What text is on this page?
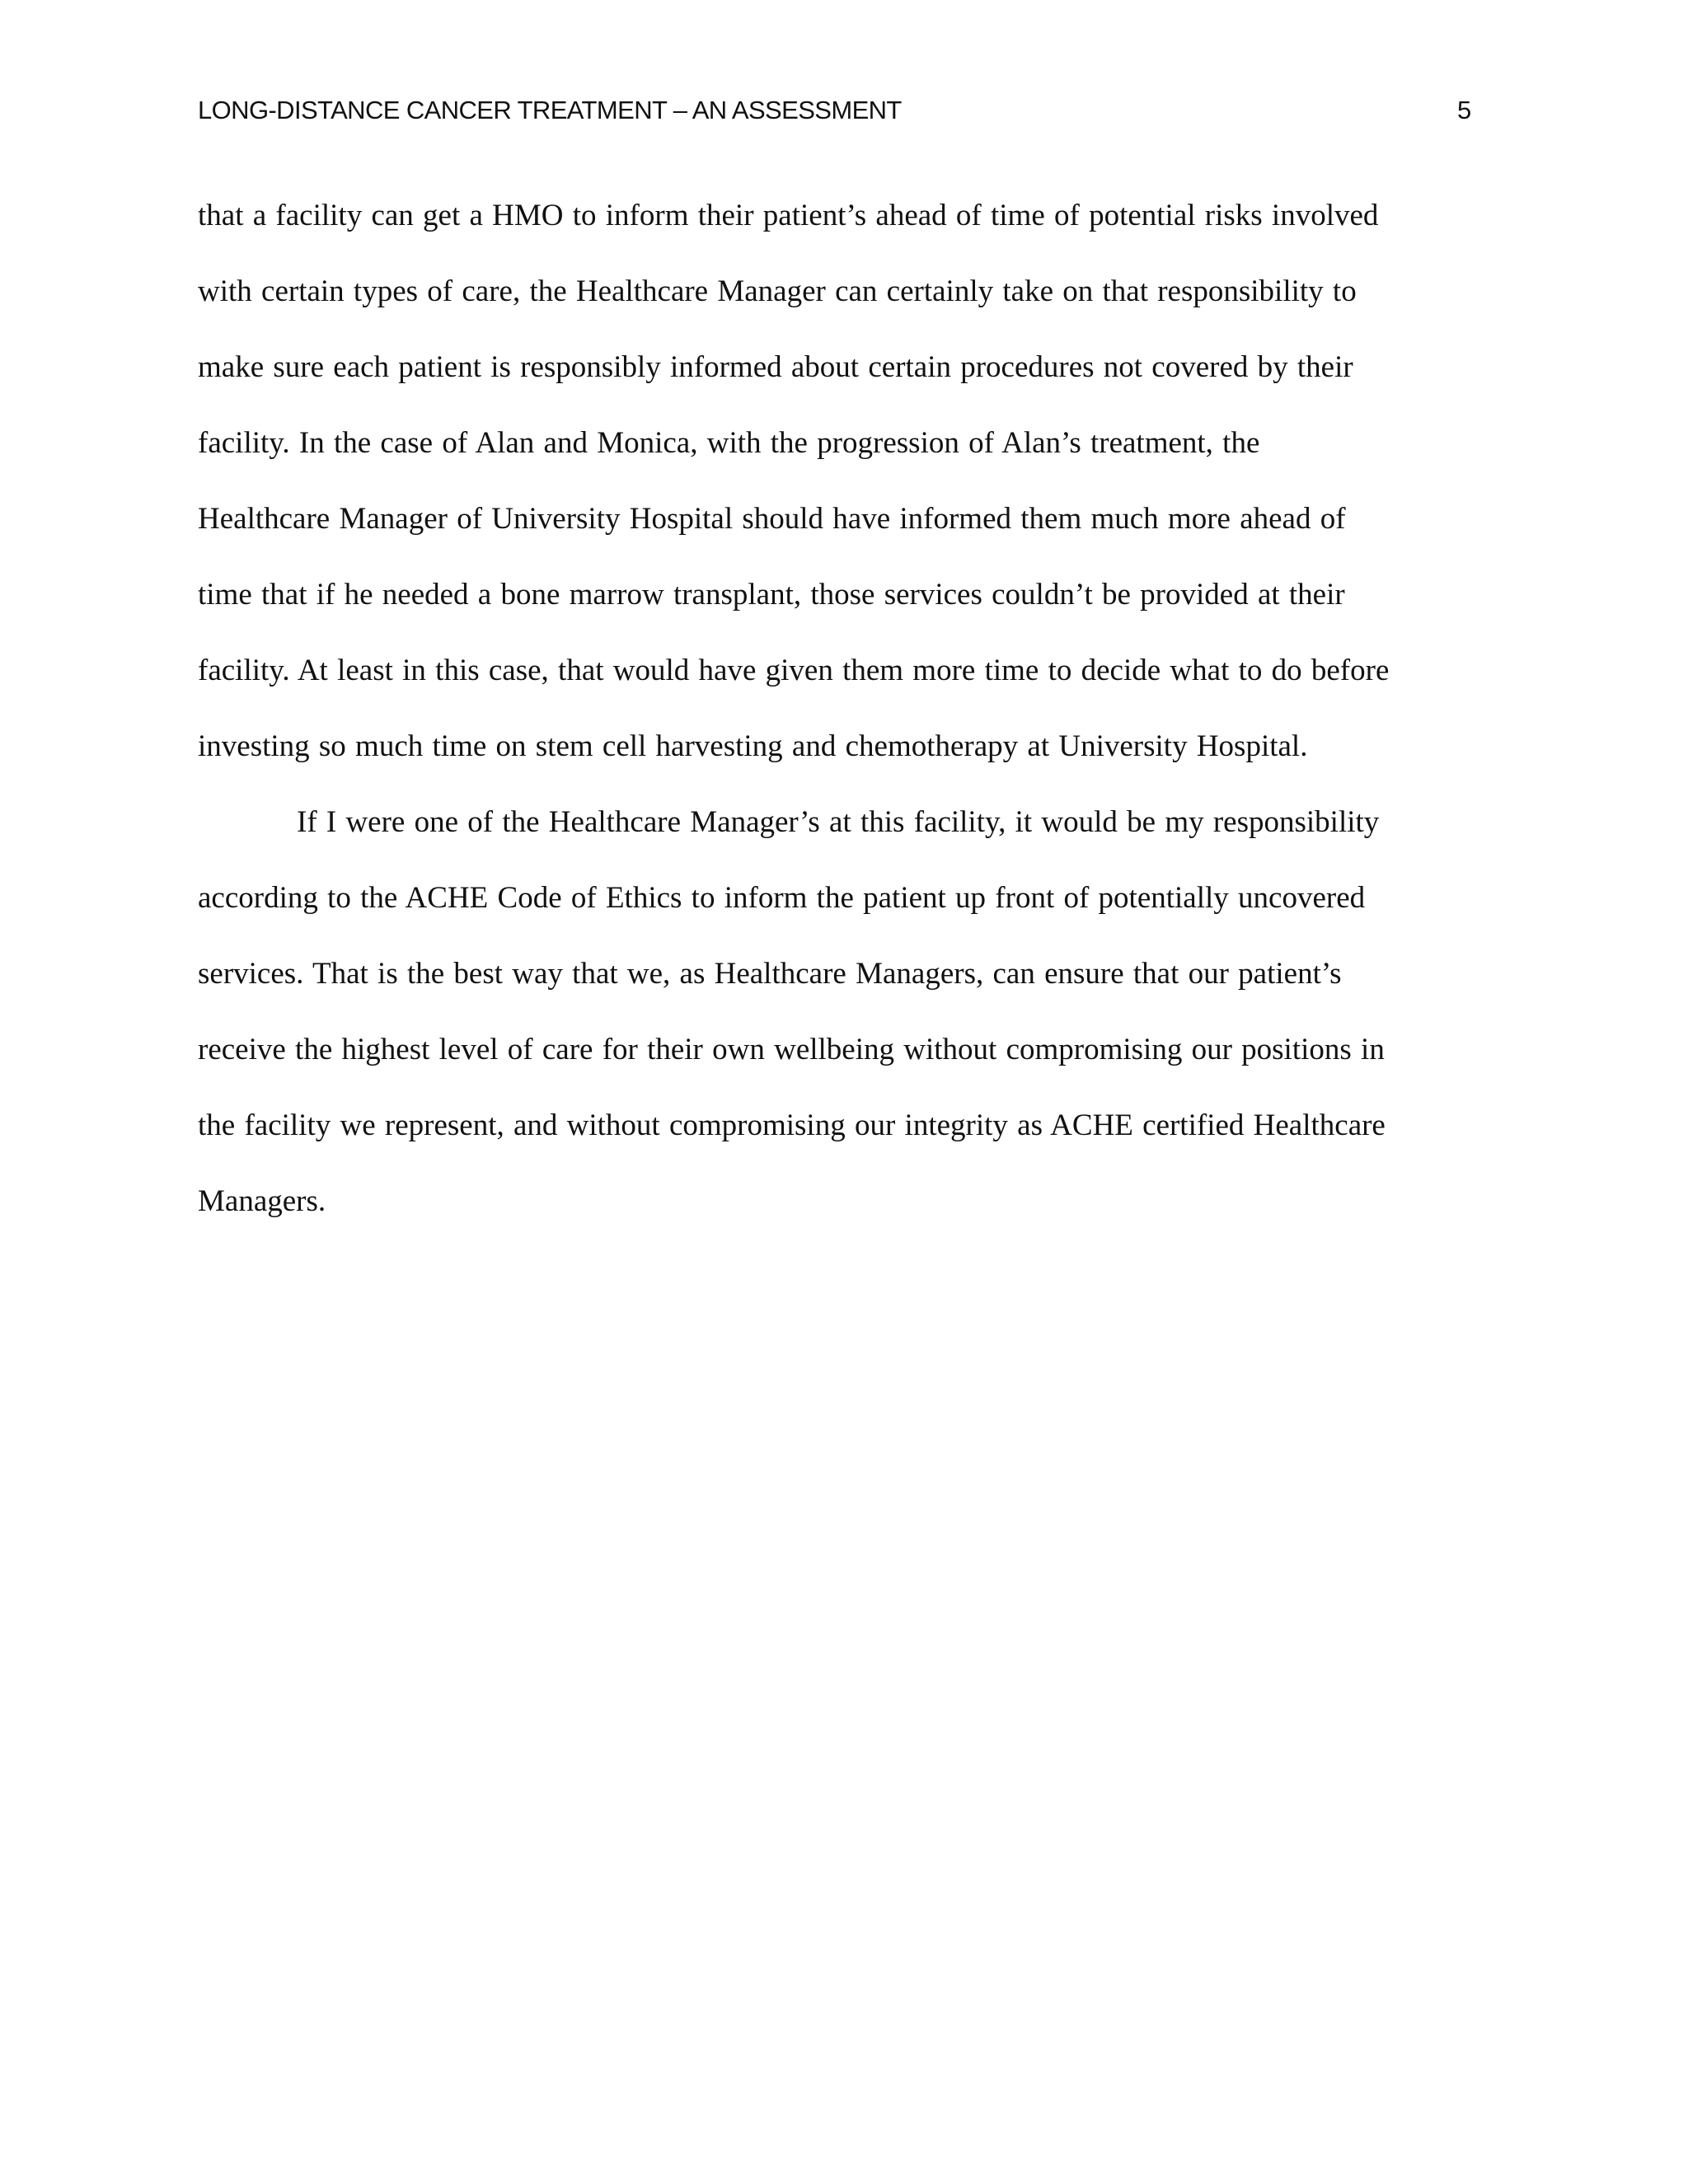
LONG-DISTANCE CANCER TREATMENT – AN ASSESSMENT	5
that a facility can get a HMO to inform their patient’s ahead of time of potential risks involved
with certain types of care, the Healthcare Manager can certainly take on that responsibility to
make sure each patient is responsibly informed about certain procedures not covered by their
facility. In the case of Alan and Monica, with the progression of Alan’s treatment, the
Healthcare Manager of University Hospital should have informed them much more ahead of
time that if he needed a bone marrow transplant, those services couldn’t be provided at their
facility. At least in this case, that would have given them more time to decide what to do before
investing so much time on stem cell harvesting and chemotherapy at University Hospital.
If I were one of the Healthcare Manager’s at this facility, it would be my responsibility
according to the ACHE Code of Ethics to inform the patient up front of potentially uncovered
services. That is the best way that we, as Healthcare Managers, can ensure that our patient’s
receive the highest level of care for their own wellbeing without compromising our positions in
the facility we represent, and without compromising our integrity as ACHE certified Healthcare
Managers.
